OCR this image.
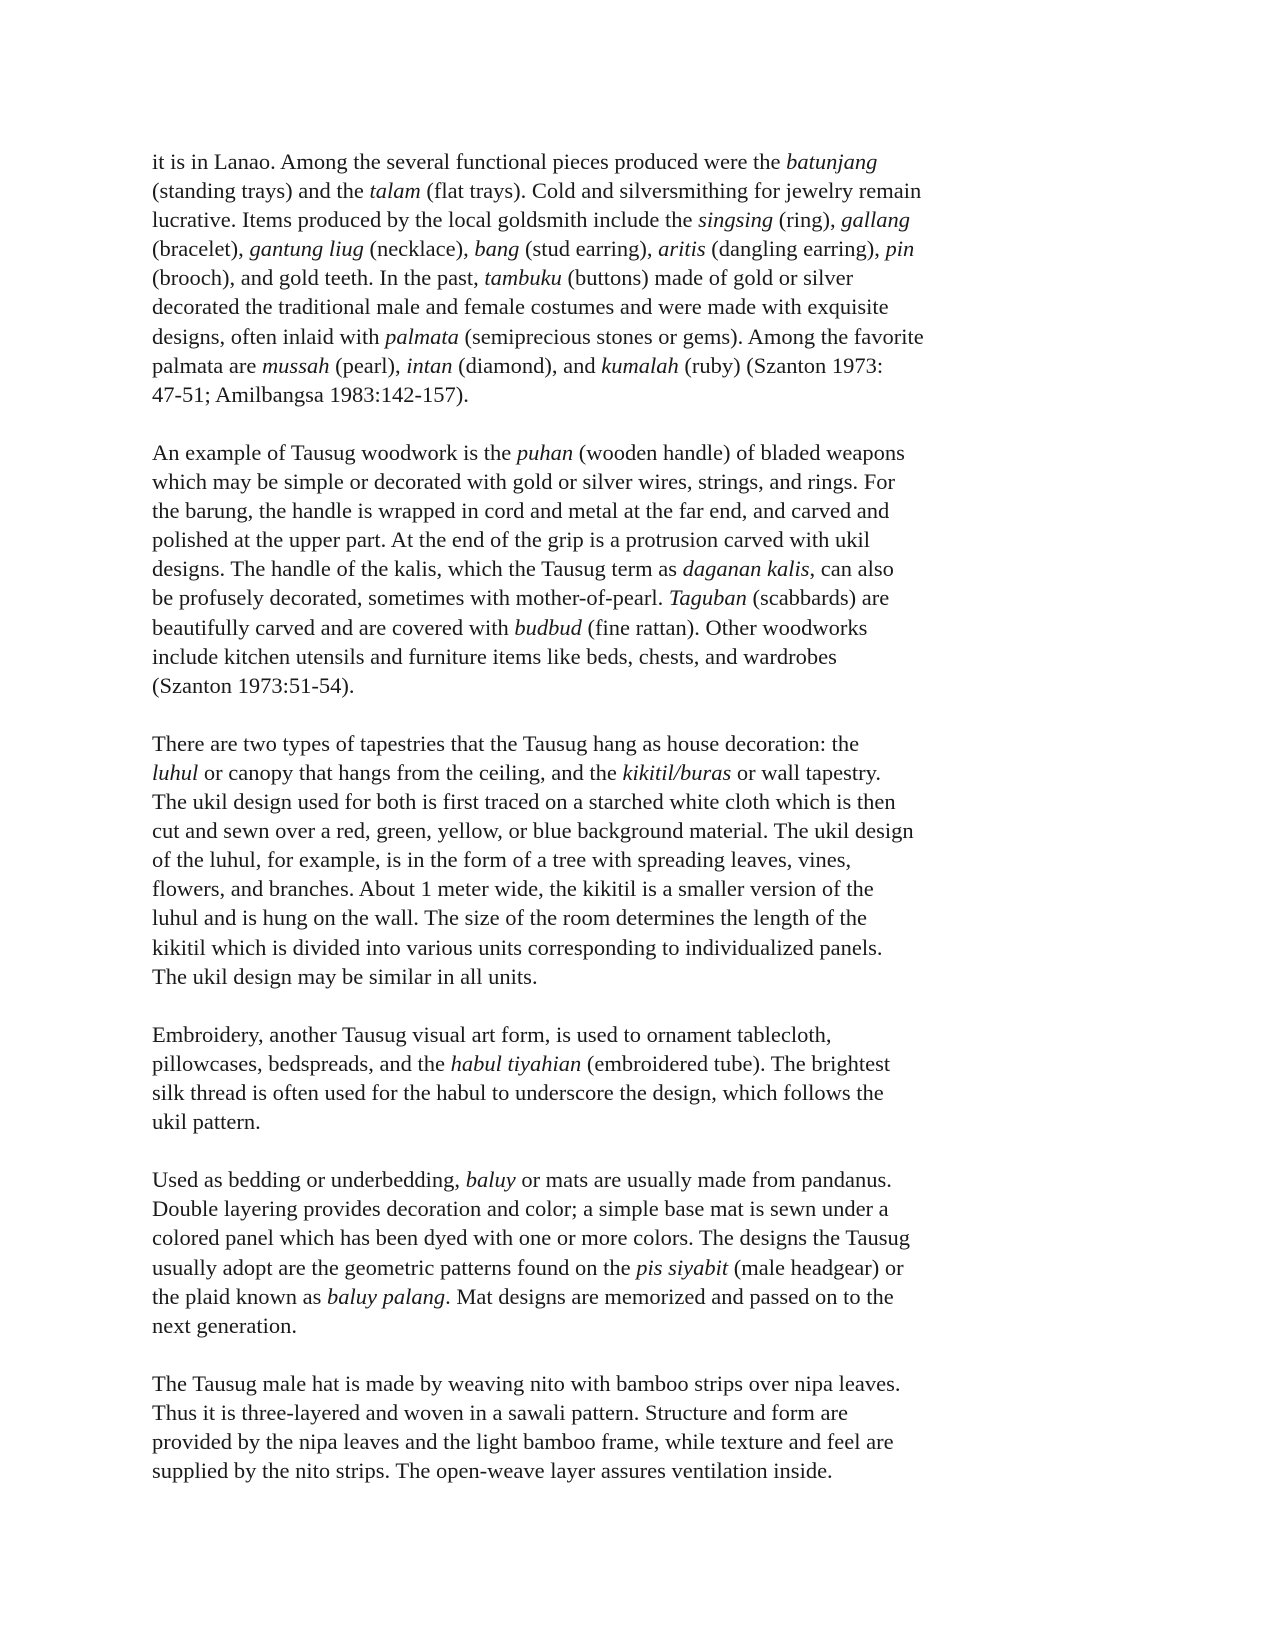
it is in Lanao. Among the several functional pieces produced were the batunjang
(standing trays) and the talam (flat trays). Cold and silversmithing for jewelry remain
lucrative. Items produced by the local goldsmith include the singsing (ring), gallang
(bracelet), gantung liug (necklace), bang (stud earring), aritis (dangling earring), pin
(brooch), and gold teeth. In the past, tambuku (buttons) made of gold or silver
decorated the traditional male and female costumes and were made with exquisite
designs, often inlaid with palmata (semiprecious stones or gems). Among the favorite
palmata are mussah (pearl), intan (diamond), and kumalah (ruby) (Szanton 1973:
47-51; Amilbangsa 1983:142-157).

An example of Tausug woodwork is the puhan (wooden handle) of bladed weapons
which may be simple or decorated with gold or silver wires, strings, and rings. For
the barung, the handle is wrapped in cord and metal at the far end, and carved and
polished at the upper part. At the end of the grip is a protrusion carved with ukil
designs. The handle of the kalis, which the Tausug term as daganan kalis, can also
be profusely decorated, sometimes with mother-of-pearl. Taguban (scabbards) are
beautifully carved and are covered with budbud (fine rattan). Other woodworks
include kitchen utensils and furniture items like beds, chests, and wardrobes
(Szanton 1973:51-54).

There are two types of tapestries that the Tausug hang as house decoration: the
luhul or canopy that hangs from the ceiling, and the kikitil/buras or wall tapestry.
The ukil design used for both is first traced on a starched white cloth which is then
cut and sewn over a red, green, yellow, or blue background material. The ukil design
of the luhul, for example, is in the form of a tree with spreading leaves, vines,
flowers, and branches. About 1 meter wide, the kikitil is a smaller version of the
luhul and is hung on the wall. The size of the room determines the length of the
kikitil which is divided into various units corresponding to individualized panels.
The ukil design may be similar in all units.

Embroidery, another Tausug visual art form, is used to ornament tablecloth,
pillowcases, bedspreads, and the habul tiyahian (embroidered tube). The brightest
silk thread is often used for the habul to underscore the design, which follows the
ukil pattern.

Used as bedding or underbedding, baluy or mats are usually made from pandanus.
Double layering provides decoration and color; a simple base mat is sewn under a
colored panel which has been dyed with one or more colors. The designs the Tausug
usually adopt are the geometric patterns found on the pis siyabit (male headgear) or
the plaid known as baluy palang. Mat designs are memorized and passed on to the
next generation.

The Tausug male hat is made by weaving nito with bamboo strips over nipa leaves.
Thus it is three-layered and woven in a sawali pattern. Structure and form are
provided by the nipa leaves and the light bamboo frame, while texture and feel are
supplied by the nito strips. The open-weave layer assures ventilation inside.
